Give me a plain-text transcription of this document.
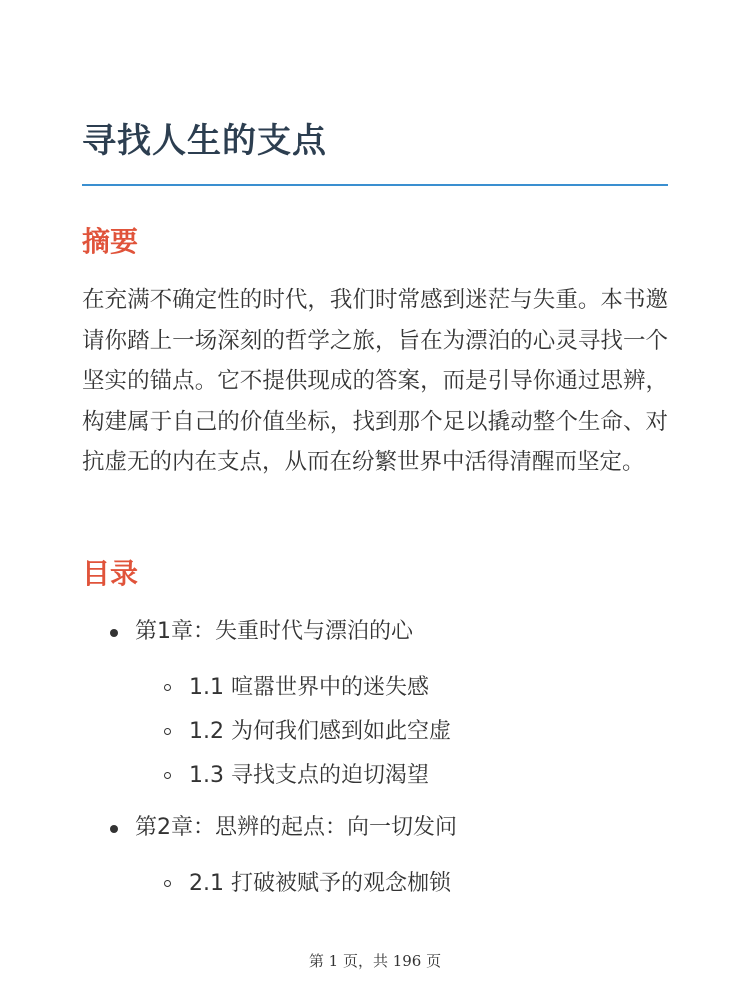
寻找人生的支点
摘要

在充满不确定性的时代，我们时常感到迷茫与失重。本书邀请你踏上一场深刻的哲学之旅，旨在为漂泊的心灵寻找一个坚实的锚点。它不提供现成的答案，而是引导你通过思辨，构建属于自己的价值坐标，找到那个足以撬动整个生命、对抗虚无的内在支点，从而在纷繁世界中活得清醒而坚定。

目录
第1章：失重时代与漂泊的心
1.1 喧嚣世界中的迷失感
1.2 为何我们感到如此空虚
1.3 寻找支点的迫切渴望
第2章：思辨的起点：向一切发问
2.1 打破被赋予的观念枷锁
第 1 页，共 196 页
